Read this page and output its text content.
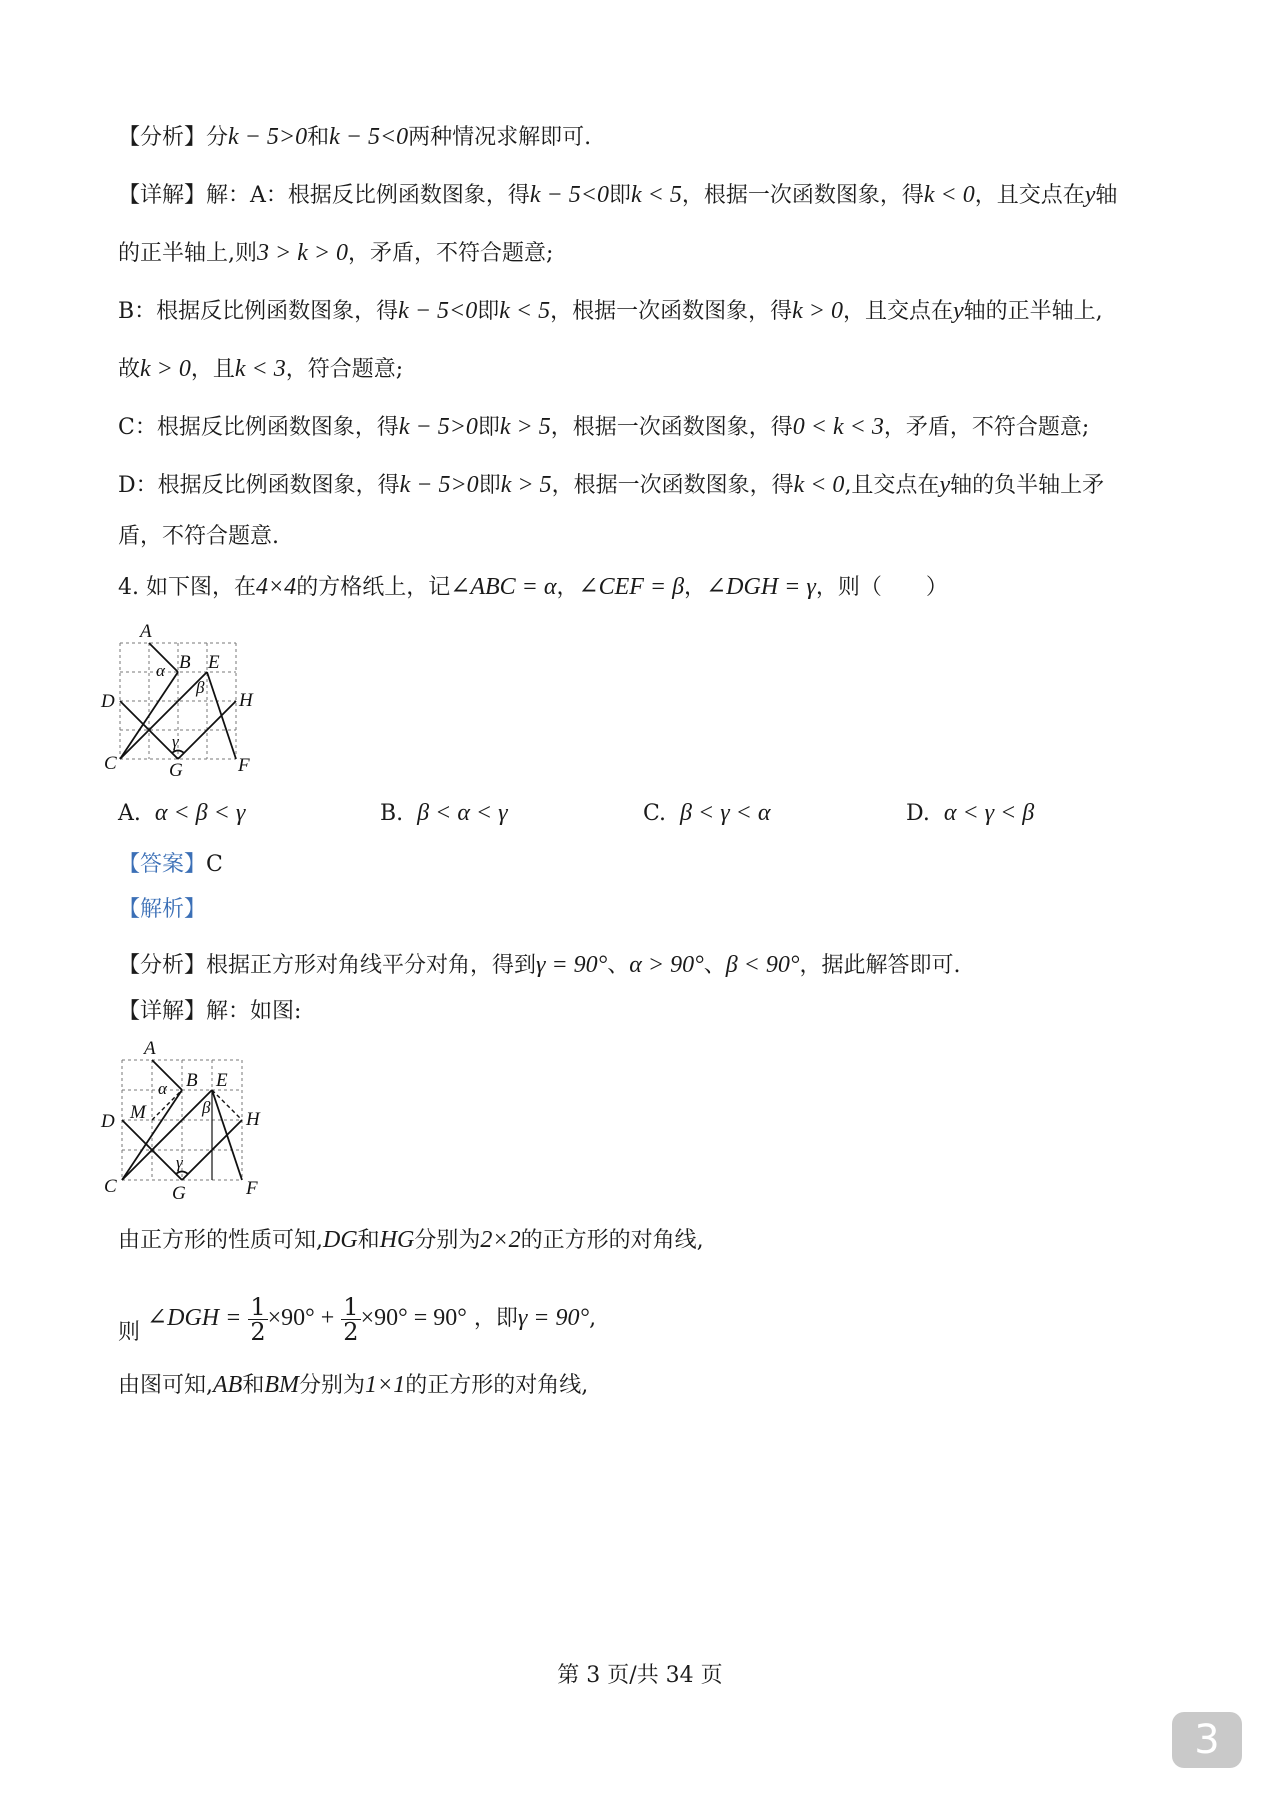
【分析】分k − 5>0和k − 5<0两种情况求解即可.
【详解】解：A：根据反比例函数图象，得k − 5<0即k < 5，根据一次函数图象，得k < 0，且交点在y轴
的正半轴上,则3 > k > 0，矛盾，不符合题意;
B：根据反比例函数图象，得k − 5<0即k < 5，根据一次函数图象，得k > 0，且交点在y轴的正半轴上,
故k > 0，且k < 3，符合题意;
C：根据反比例函数图象，得k − 5>0即k > 5，根据一次函数图象，得0 < k < 3，矛盾，不符合题意;
D：根据反比例函数图象，得k − 5>0即k > 5，根据一次函数图象，得k < 0,且交点在y轴的负半轴上矛
盾，不符合题意.
4. 如下图，在4×4的方格纸上，记∠ABC = α，∠CEF = β，∠DGH = γ，则（　　）
A
B E
D	H
C	G	F
α
β
γ
A. α < β < γ	B. β < α < γ	C. β < γ < α	D. α < γ < β
【答案】C
【解析】
【分析】根据正方形对角线平分对角，得到γ = 90°、α > 90°、β < 90°，据此解答即可.
【详解】解：如图:
A
B E
D M	H
C	G	F
α
β
γ
由正方形的性质可知,DG和HG分别为2×2的正方形的对角线,
则 ∠DGH = $\frac{1}{2} \times 90^\circ + \frac{1}{2} \times 90^\circ = 90^\circ$ ，即γ = 90°,
由图可知,AB和BM分别为1×1的正方形的对角线,
第 3 页/共 34 页
3
